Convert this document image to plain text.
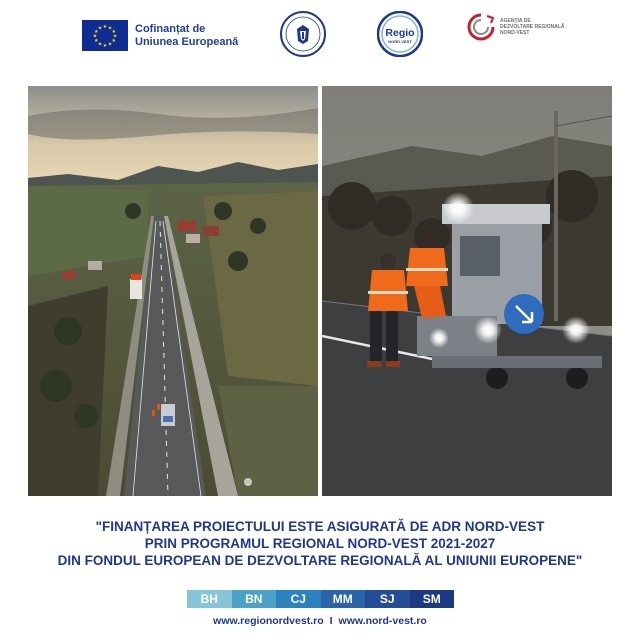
★ ★
★
★
★
★
★
★
★
★
★
★	Cofinanțat de
Uniunea Europeană
Regio
NORD-VEST
AGENȚIA DE
DEZVOLTARE REGIONALĂ
NORD-VEST
"FINANȚAREA PROIECTULUI ESTE ASIGURATĂ DE ADR NORD-VEST
PRIN PROGRAMUL REGIONAL NORD-VEST 2021-2027
DIN FONDUL EUROPEAN DE DEZVOLTARE REGIONALĂ AL UNIUNII EUROPENE"
BH BN CJ MM SJ SM
www.regionordvest.ro I www.nord-vest.ro
